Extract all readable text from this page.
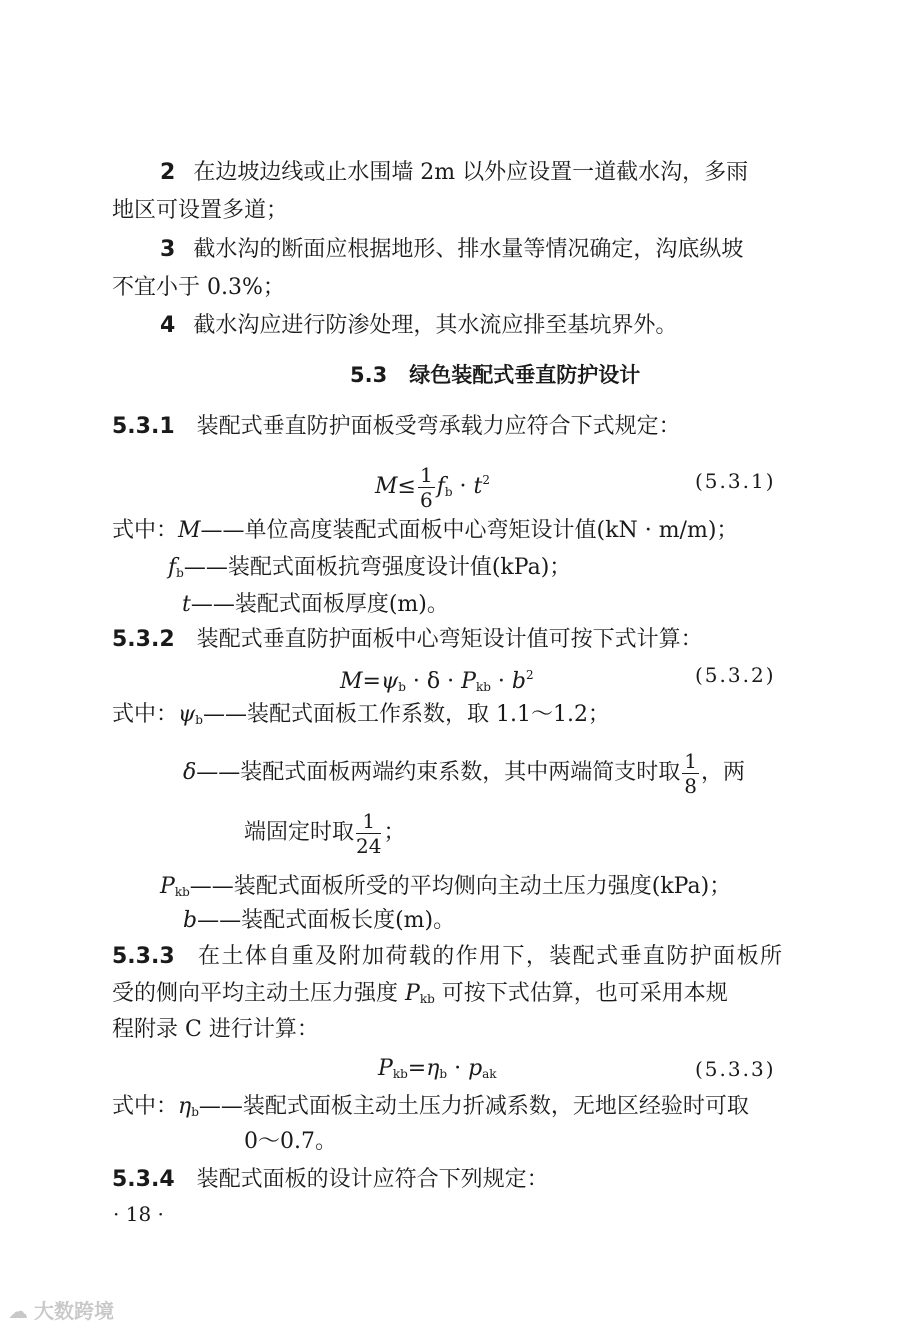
2 在边坡边线或止水围墙 2m 以外应设置一道截水沟，多雨
地区可设置多道；
3 截水沟的断面应根据地形、排水量等情况确定，沟底纵坡
不宜小于 0.3%；
4 截水沟应进行防渗处理，其水流应排至基坑界外。
5.3 绿色装配式垂直防护设计
5.3.1 装配式垂直防护面板受弯承载力应符合下式规定：
$M\le \frac{1}{6} f_b \cdot t^2$	(5.3.1)
式中：M——单位高度装配式面板中心弯矩设计值(kN · m/m)；
$f_b——$装配式面板抗弯强度设计值(kPa)；
t——装配式面板厚度(m)。
5.3.2 装配式垂直防护面板中心弯矩设计值可按下式计算：
$M=\psi_b \cdot \delta \cdot P_{kb} \cdot b^2$	(5.3.2)
式中：$\psi_b——$装配式面板工作系数，取 1.1～1.2；
δ——装配式面板两端约束系数，其中两端简支时取 $\frac{1}{8}$ ，两
端固定时取 $\frac{1}{24}$ ；
$P_{kb}——$装配式面板所受的平均侧向主动土压力强度(kPa)；
b——装配式面板长度(m)。
5.3.3 在土体自重及附加荷载的作用下，装配式垂直防护面板所
受的侧向平均主动土压力强度 $P_{kb}$ 可按下式估算，也可采用本规
程附录 C 进行计算：
$P_{kb}=\eta_b \cdot p_{ak}$	(5.3.3)
式中：$\eta_b——$装配式面板主动土压力折减系数，无地区经验时可取
0～0.7。
5.3.4 装配式面板的设计应符合下列规定：
· 18 ·
☁ 大数跨境
